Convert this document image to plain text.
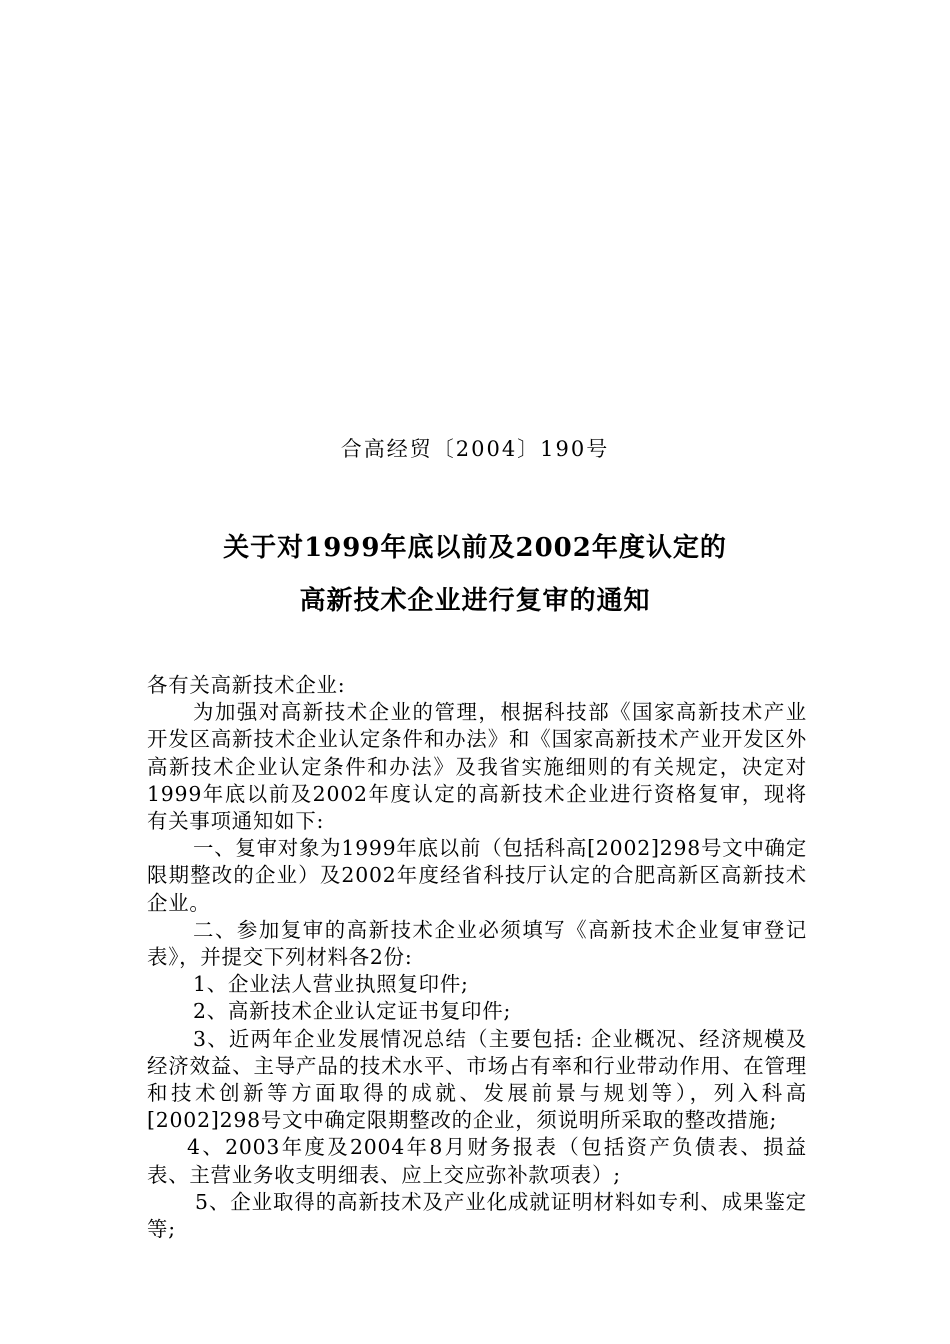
合高经贸〔2004〕190号
关于对1999年底以前及2002年度认定的
高新技术企业进行复审的通知

各有关高新技术企业:

为加强对高新技术企业的管理，根据科技部《国家高新技术产业开发区高新技术企业认定条件和办法》和《国家高新技术产业开发区外高新技术企业认定条件和办法》及我省实施细则的有关规定，决定对1999年底以前及2002年度认定的高新技术企业进行资格复审，现将有关事项通知如下:

一、复审对象为1999年底以前（包括科高[2002]298号文中确定限期整改的企业）及2002年度经省科技厅认定的合肥高新区高新技术企业。

二、参加复审的高新技术企业必须填写《高新技术企业复审登记表》，并提交下列材料各2份:

1、企业法人营业执照复印件;

2、高新技术企业认定证书复印件;

3、近两年企业发展情况总结（主要包括: 企业概况、经济规模及经济效益、主导产品的技术水平、市场占有率和行业带动作用、在管理和技术创新等方面取得的成就、发展前景与规划等），列入科高[2002]298号文中确定限期整改的企业，须说明所采取的整改措施;

4、2003年度及2004年8月财务报表（包括资产负债表、损益表、主营业务收支明细表、应上交应弥补款项表）;

5、企业取得的高新技术及产业化成就证明材料如专利、成果鉴定等;
